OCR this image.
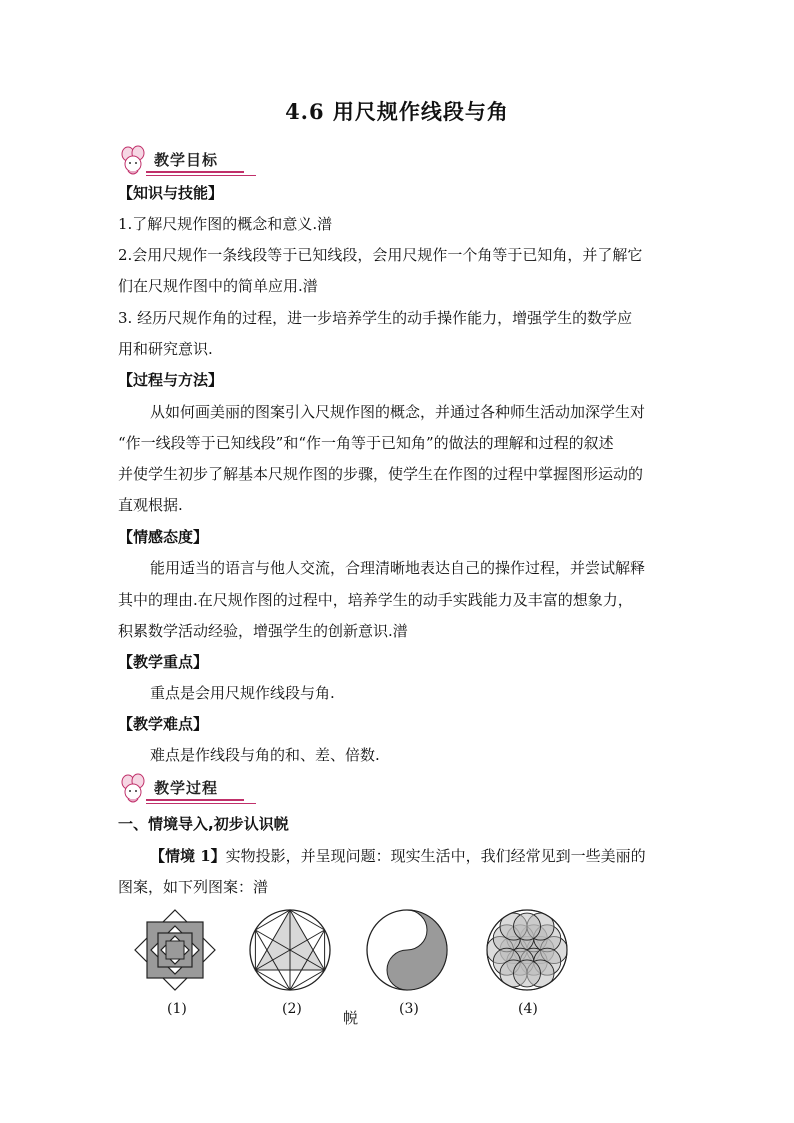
4.6 用尺规作线段与角
教学目标
【知识与技能】
1.了解尺规作图的概念和意义.潽
2.会用尺规作一条线段等于已知线段，会用尺规作一个角等于已知角，并了解它
们在尺规作图中的简单应用.潽
3. 经历尺规作角的过程，进一步培养学生的动手操作能力，增强学生的数学应
用和研究意识.
【过程与方法】
从如何画美丽的图案引入尺规作图的概念，并通过各种师生活动加深学生对
“作一线段等于已知线段”和“作一角等于已知角”的做法的理解和过程的叙述
并使学生初步了解基本尺规作图的步骤，使学生在作图的过程中掌握图形运动的
直观根据.
【情感态度】
能用适当的语言与他人交流，合理清晰地表达自己的操作过程，并尝试解释
其中的理由.在尺规作图的过程中，培养学生的动手实践能力及丰富的想象力，
积累数学活动经验，增强学生的创新意识.潽
【教学重点】
重点是会用尺规作线段与角.
【教学难点】
难点是作线段与角的和、差、倍数.
教学过程
一、情境导入,初步认识帨
【情境 1】实物投影，并呈现问题：现实生活中，我们经常见到一些美丽的
图案，如下列图案：潽
(1)	(2)	(3)	(4)
帨
